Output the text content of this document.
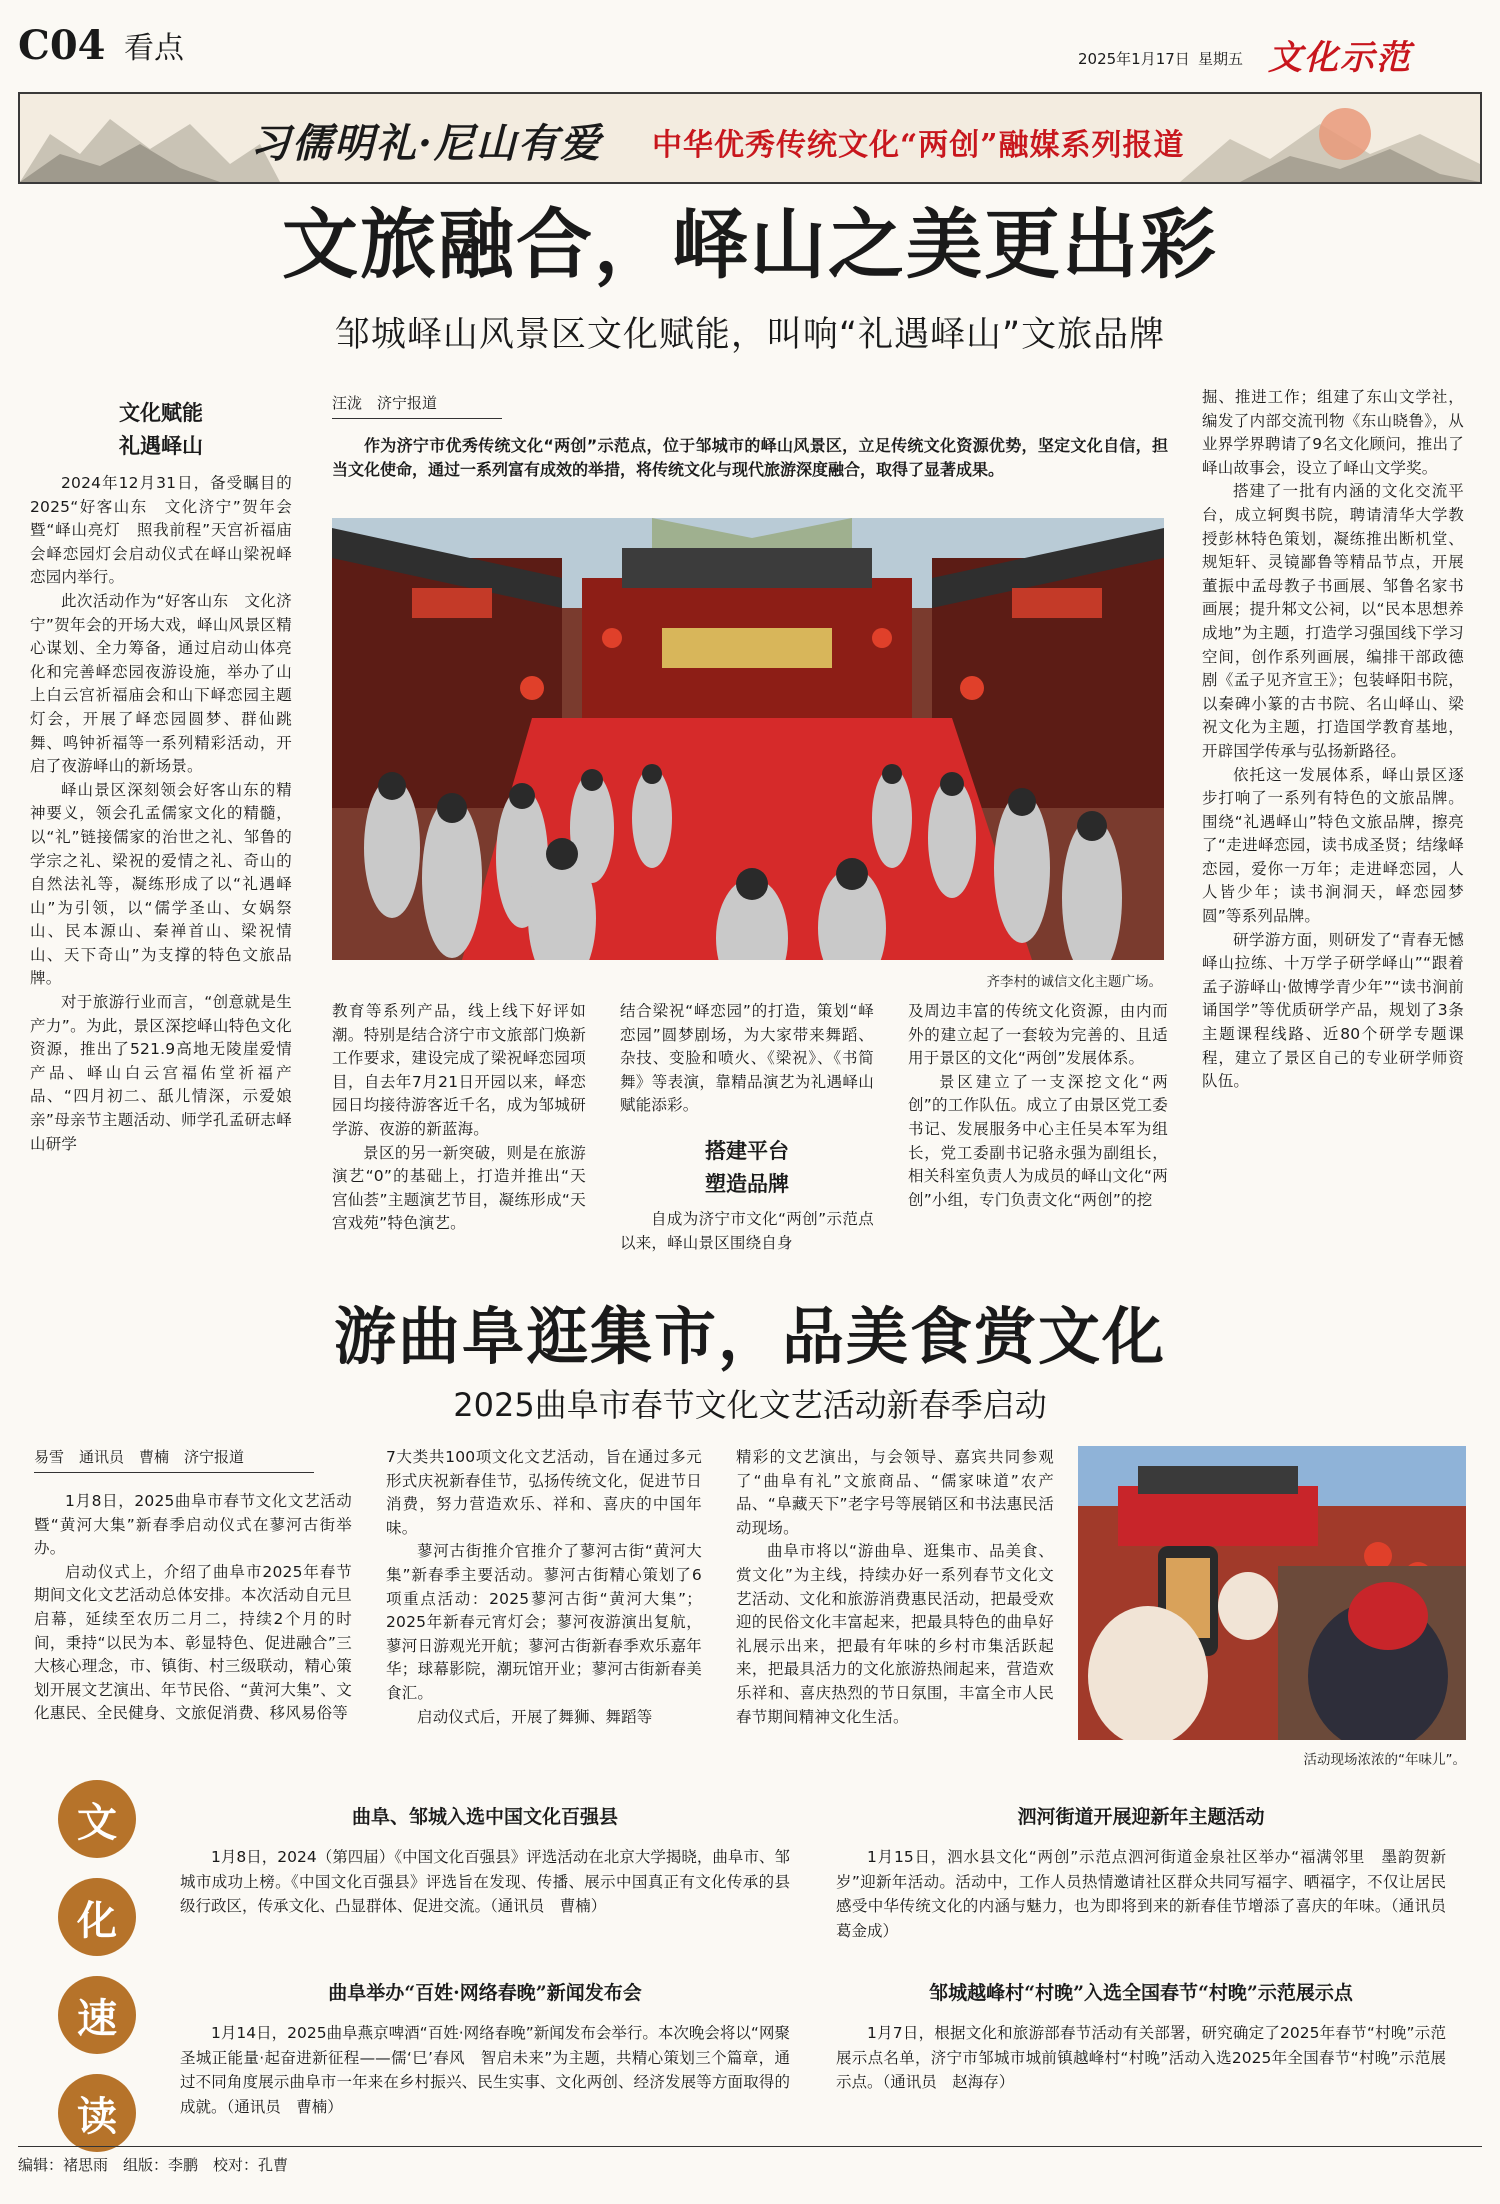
C04 看点	2025年1月17日 星期五 文化示范
习儒明礼·尼山有爱 中华优秀传统文化“两创”融媒系列报道
文旅融合，峄山之美更出彩
邹城峄山风景区文化赋能，叫响“礼遇峄山”文旅品牌
文化赋能
礼遇峄山

2024年12月31日，备受瞩目的2025“好客山东　文化济宁”贺年会暨“峄山亮灯　照我前程”天宫祈福庙会峄恋园灯会启动仪式在峄山梁祝峄恋园内举行。

此次活动作为“好客山东　文化济宁”贺年会的开场大戏，峄山风景区精心谋划、全力筹备，通过启动山体亮化和完善峄恋园夜游设施，举办了山上白云宫祈福庙会和山下峄恋园主题灯会，开展了峄恋园圆梦、群仙跳舞、鸣钟祈福等一系列精彩活动，开启了夜游峄山的新场景。

峄山景区深刻领会好客山东的精神要义，领会孔孟儒家文化的精髓，以“礼”链接儒家的治世之礼、邹鲁的学宗之礼、梁祝的爱情之礼、奇山的自然法礼等，凝练形成了以“礼遇峄山”为引领，以“儒学圣山、女娲祭山、民本源山、秦禅首山、梁祝情山、天下奇山”为支撑的特色文旅品牌。

对于旅游行业而言，“创意就是生产力”。为此，景区深挖峄山特色文化资源，推出了521.9高地无陵崖爱情产品、峄山白云宫福佑堂祈福产品、“四月初二、舐儿情深，示爱娘亲”母亲节主题活动、师学孔孟研志峄山研学

汪泷　济宁报道
作为济宁市优秀传统文化“两创”示范点，位于邹城市的峄山风景区，立足传统文化资源优势，坚定文化自信，担当文化使命，通过一系列富有成效的举措，将传统文化与现代旅游深度融合，取得了显著成果。
齐李村的诚信文化主题广场。

教育等系列产品，线上线下好评如潮。特别是结合济宁市文旅部门焕新工作要求，建设完成了梁祝峄恋园项目，自去年7月21日开园以来，峄恋园日均接待游客近千名，成为邹城研学游、夜游的新蓝海。

景区的另一新突破，则是在旅游演艺“0”的基础上，打造并推出“天宫仙荟”主题演艺节目，凝练形成“天宫戏苑”特色演艺。

结合梁祝“峄恋园”的打造，策划“峄恋园”圆梦剧场，为大家带来舞蹈、杂技、变脸和喷火、《梁祝》、《书简舞》等表演，靠精品演艺为礼遇峄山赋能添彩。

搭建平台
塑造品牌

自成为济宁市文化“两创”示范点以来，峄山景区围绕自身

及周边丰富的传统文化资源，由内而外的建立起了一套较为完善的、且适用于景区的文化“两创”发展体系。

景区建立了一支深挖文化“两创”的工作队伍。成立了由景区党工委书记、发展服务中心主任吴本军为组长，党工委副书记骆永强为副组长，相关科室负责人为成员的峄山文化“两创”小组，专门负责文化“两创”的挖

掘、推进工作；组建了东山文学社，编发了内部交流刊物《东山晓鲁》，从业界学界聘请了9名文化顾问，推出了峄山故事会，设立了峄山文学奖。

搭建了一批有内涵的文化交流平台，成立轲舆书院，聘请清华大学教授彭林特色策划，凝练推出断机堂、规矩轩、灵镜鄙鲁等精品节点，开展董振中孟母教子书画展、邹鲁名家书画展；提升邾文公祠，以“民本思想养成地”为主题，打造学习强国线下学习空间，创作系列画展，编排干部政德剧《孟子见齐宣王》；包装峄阳书院，以秦碑小篆的古书院、名山峄山、梁祝文化为主题，打造国学教育基地，开辟国学传承与弘扬新路径。

依托这一发展体系，峄山景区逐步打响了一系列有特色的文旅品牌。围绕“礼遇峄山”特色文旅品牌，擦亮了“走进峄恋园，读书成圣贤；结缘峄恋园，爱你一万年；走进峄恋园，人人皆少年；读书涧洞天，峄恋园梦圆”等系列品牌。

研学游方面，则研发了“青春无憾峄山拉练、十万学子研学峄山”“跟着孟子游峄山·做博学青少年”“读书涧前诵国学”等优质研学产品，规划了3条主题课程线路、近80个研学专题课程，建立了景区自己的专业研学师资队伍。

游曲阜逛集市，品美食赏文化
2025曲阜市春节文化文艺活动新春季启动
易雪　通讯员　曹楠　济宁报道

1月8日，2025曲阜市春节文化文艺活动暨“黄河大集”新春季启动仪式在蓼河古街举办。

启动仪式上，介绍了曲阜市2025年春节期间文化文艺活动总体安排。本次活动自元旦启幕，延续至农历二月二，持续2个月的时间，秉持“以民为本、彰显特色、促进融合”三大核心理念，市、镇街、村三级联动，精心策划开展文艺演出、年节民俗、“黄河大集”、文化惠民、全民健身、文旅促消费、移风易俗等

7大类共100项文化文艺活动，旨在通过多元形式庆祝新春佳节，弘扬传统文化，促进节日消费，努力营造欢乐、祥和、喜庆的中国年味。

蓼河古街推介官推介了蓼河古街“黄河大集”新春季主要活动。蓼河古街精心策划了6项重点活动：2025蓼河古街“黄河大集”；2025年新春元宵灯会；蓼河夜游演出复航，蓼河日游观光开航；蓼河古街新春季欢乐嘉年华；球幕影院，潮玩馆开业；蓼河古街新春美食汇。

启动仪式后，开展了舞狮、舞蹈等

精彩的文艺演出，与会领导、嘉宾共同参观了“曲阜有礼”文旅商品、“儒家味道”农产品、“阜藏天下”老字号等展销区和书法惠民活动现场。

曲阜市将以“游曲阜、逛集市、品美食、赏文化”为主线，持续办好一系列春节文化文艺活动、文化和旅游消费惠民活动，把最受欢迎的民俗文化丰富起来，把最具特色的曲阜好礼展示出来，把最有年味的乡村市集活跃起来，把最具活力的文化旅游热闹起来，营造欢乐祥和、喜庆热烈的节日氛围，丰富全市人民春节期间精神文化生活。

活动现场浓浓的“年味儿”。
文
化
速
读
曲阜、邹城入选中国文化百强县
1月8日，2024（第四届）《中国文化百强县》评选活动在北京大学揭晓，曲阜市、邹城市成功上榜。《中国文化百强县》评选旨在发现、传播、展示中国真正有文化传承的县级行政区，传承文化、凸显群体、促进交流。（通讯员　曹楠）
泗河街道开展迎新年主题活动
1月15日，泗水县文化“两创”示范点泗河街道金泉社区举办“福满邻里　墨韵贺新岁”迎新年活动。活动中，工作人员热情邀请社区群众共同写福字、晒福字，不仅让居民感受中华传统文化的内涵与魅力，也为即将到来的新春佳节增添了喜庆的年味。（通讯员　葛金成）
曲阜举办“百姓·网络春晚”新闻发布会
1月14日，2025曲阜燕京啤酒“百姓·网络春晚”新闻发布会举行。本次晚会将以“网聚圣城正能量·起奋进新征程——儒‘巳’春风　智启未来”为主题，共精心策划三个篇章，通过不同角度展示曲阜市一年来在乡村振兴、民生实事、文化两创、经济发展等方面取得的成就。（通讯员　曹楠）
邹城越峰村“村晚”入选全国春节“村晚”示范展示点
1月7日，根据文化和旅游部春节活动有关部署，研究确定了2025年春节“村晚”示范展示点名单，济宁市邹城市城前镇越峰村“村晚”活动入选2025年全国春节“村晚”示范展示点。（通讯员　赵海存）
编辑：褚思雨　组版：李鹏　校对：孔曹
